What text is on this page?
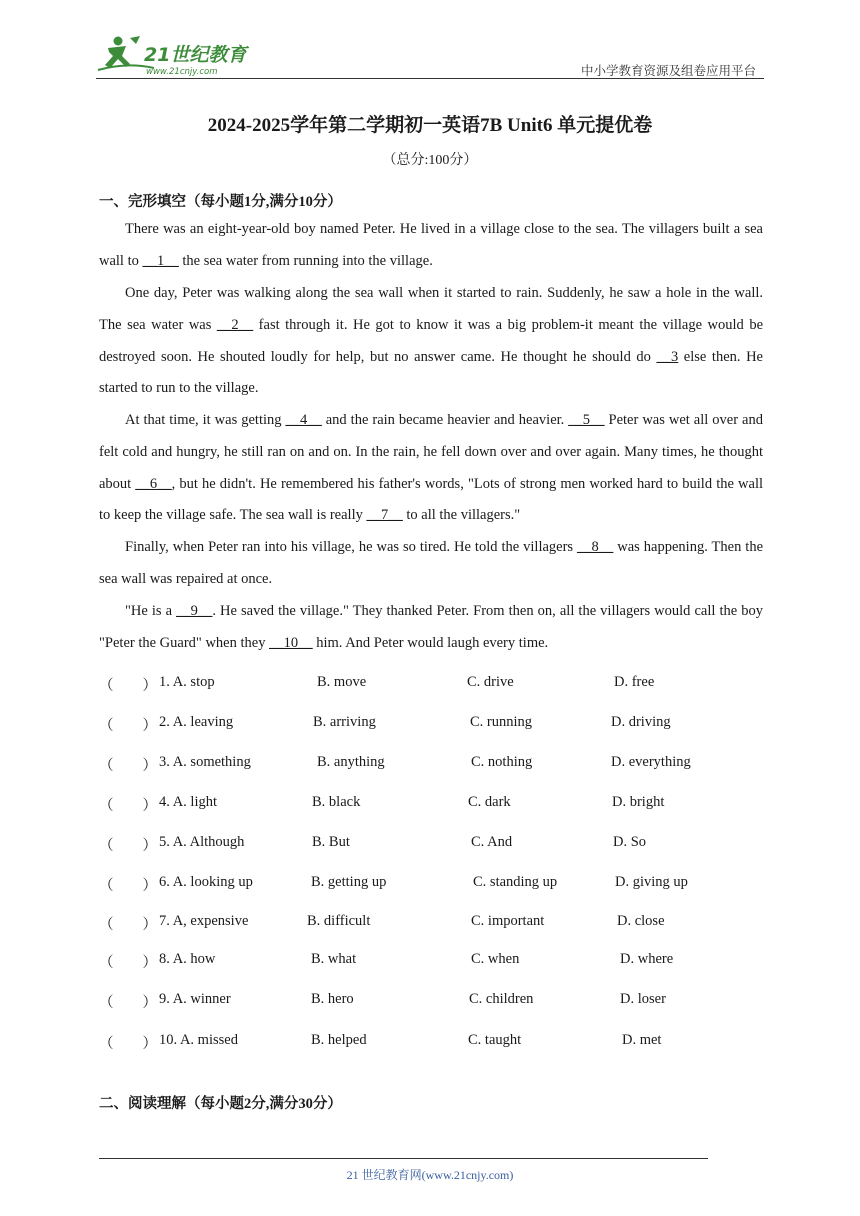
21世纪教育
www.21cnjy.com	中小学教育资源及组卷应用平台
2024-2025学年第二学期初一英语7B Unit6 单元提优卷
（总分:100分）
一、完形填空（每小题1分,满分10分）

There was an eight-year-old boy named Peter. He lived in a village close to the sea. The villagers built a sea wall to __1__ the sea water from running into the village.

One day, Peter was walking along the sea wall when it started to rain. Suddenly, he saw a hole in the wall. The sea water was __2__ fast through it. He got to know it was a big problem-it meant the village would be destroyed soon. He shouted loudly for help, but no answer came. He thought he should do __3 else then. He started to run to the village.

At that time, it was getting __4__ and the rain became heavier and heavier. __5__ Peter was wet all over and felt cold and hungry, he still ran on and on. In the rain, he fell down over and over again. Many times, he thought about __6__, but he didn't. He remembered his father's words, "Lots of strong men worked hard to build the wall to keep the village safe. The sea wall is really __7__ to all the villagers."

Finally, when Peter ran into his village, he was so tired. He told the villagers __8__ was happening. Then the sea wall was repaired at once.

"He is a __9__. He saved the village." They thanked Peter. From then on, all the villagers would call the boy "Peter the Guard" when they __10__ him. And Peter would laugh every time.

（　　） 1. A. stop	B. move	C. drive	D. free
（　　） 2. A. leaving	B. arriving	C. running	D. driving
（　　） 3. A. something	B. anything	C. nothing	D. everything
（　　） 4. A. light	B. black	C. dark	D. bright
（　　） 5. A. Although	B. But	C. And	D. So
（　　） 6. A. looking up	B. getting up	C. standing up	D. giving up
（　　） 7. A, expensive	B. difficult	C. important	D. close
（　　） 8. A. how	B. what	C. when	D. where
（　　） 9. A. winner	B. hero	C. children	D. loser
（　　） 10. A. missed	B. helped	C. taught	D. met
二、阅读理解（每小题2分,满分30分）
21 世纪教育网(www.21cnjy.com)
